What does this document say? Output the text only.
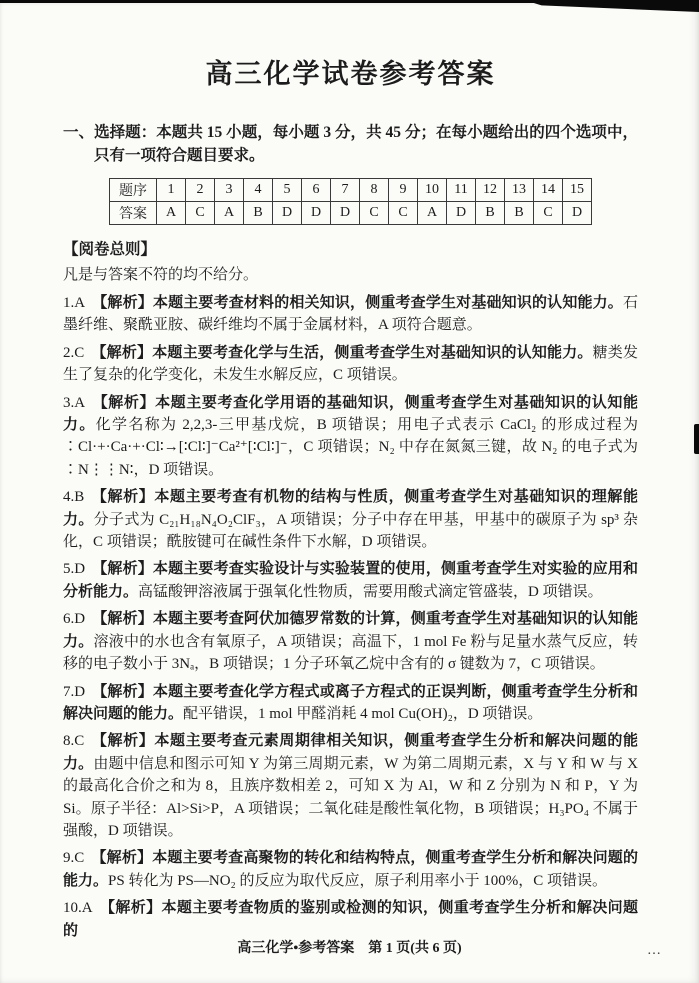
高三化学试卷参考答案

一、选择题：本题共 15 小题，每小题 3 分，共 45 分；在每小题给出的四个选项中，只有一项符合题目要求。

题序	1	2	3	4	5	6	7	8	9	10	11	12	13	14	15
答案	A	C	A	B	D	D	D	C	C	A	D	B	B	C	D

【阅卷总则】

凡是与答案不符的均不给分。

1.A 【解析】本题主要考查材料的相关知识，侧重考查学生对基础知识的认知能力。石墨纤维、聚酰亚胺、碳纤维均不属于金属材料，A 项符合题意。

2.C 【解析】本题主要考查化学与生活，侧重考查学生对基础知识的认知能力。糖类发生了复杂的化学变化，未发生水解反应，C 项错误。

3.A 【解析】本题主要考查化学用语的基础知识，侧重考查学生对基础知识的认知能力。化学名称为 2,2,3-三甲基戊烷，B 项错误；用电子式表示 CaCl₂ 的形成过程为 ∶Cl·+·Ca·+·Cl∶→[∶Cl∶]⁻Ca²⁺[∶Cl∶]⁻，C 项错误；N₂ 中存在氮氮三键，故 N₂ 的电子式为 ∶N⋮⋮N∶，D 项错误。

4.B 【解析】本题主要考查有机物的结构与性质，侧重考查学生对基础知识的理解能力。分子式为 C₂₁H₁₈N₄O₂ClF₃，A 项错误；分子中存在甲基，甲基中的碳原子为 sp³ 杂化，C 项错误；酰胺键可在碱性条件下水解，D 项错误。

5.D 【解析】本题主要考查实验设计与实验装置的使用，侧重考查学生对实验的应用和分析能力。高锰酸钾溶液属于强氧化性物质，需要用酸式滴定管盛装，D 项错误。

6.D 【解析】本题主要考查阿伏加德罗常数的计算，侧重考查学生对基础知识的认知能力。溶液中的水也含有氧原子，A 项错误；高温下，1 mol Fe 粉与足量水蒸气反应，转移的电子数小于 3Nₐ，B 项错误；1 分子环氧乙烷中含有的 σ 键数为 7，C 项错误。

7.D 【解析】本题主要考查化学方程式或离子方程式的正误判断，侧重考查学生分析和解决问题的能力。配平错误，1 mol 甲醛消耗 4 mol Cu(OH)₂，D 项错误。

8.C 【解析】本题主要考查元素周期律相关知识，侧重考查学生分析和解决问题的能力。由题中信息和图示可知 Y 为第三周期元素，W 为第二周期元素，X 与 Y 和 W 与 X 的最高化合价之和为 8，且族序数相差 2，可知 X 为 Al，W 和 Z 分别为 N 和 P，Y 为 Si。原子半径：Al>Si>P，A 项错误；二氧化硅是酸性氧化物，B 项错误；H₃PO₄ 不属于强酸，D 项错误。

9.C 【解析】本题主要考查高聚物的转化和结构特点，侧重考查学生分析和解决问题的能力。PS 转化为 PS—NO₂ 的反应为取代反应，原子利用率小于 100%，C 项错误。

10.A 【解析】本题主要考查物质的鉴别或检测的知识，侧重考查学生分析和解决问题的

高三化学•参考答案　第 1 页(共 6 页)	…
